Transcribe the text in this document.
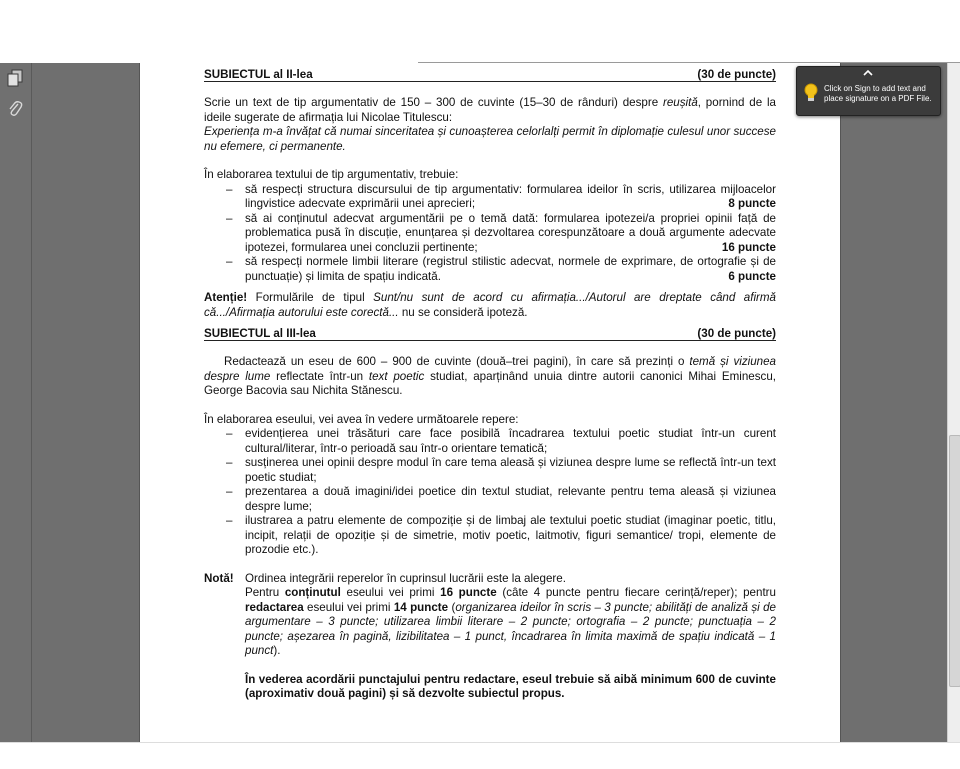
SUBIECTUL al II-lea	(30 de puncte)

Scrie un text de tip argumentativ de 150 – 300 de cuvinte (15–30 de rânduri) despre reușită, pornind de la ideile sugerate de afirmația lui Nicolae Titulescu:

Experiența m-a învățat că numai sinceritatea și cunoașterea celorlalți permit în diplomație culesul unor succese nu efemere, ci permanente.

În elaborarea textului de tip argumentativ, trebuie:

– să respecți structura discursului de tip argumentativ: formularea ideilor în scris, utilizarea mijloacelor lingvistice adecvate exprimării unei aprecieri;	8 puncte
– să ai conținutul adecvat argumentării pe o temă dată: formularea ipotezei/a propriei opinii față de problematica pusă în discuție, enunțarea și dezvoltarea corespunzătoare a două argumente adecvate ipotezei, formularea unei concluzii pertinente;	16 puncte
– să respecți normele limbii literare (registrul stilistic adecvat, normele de exprimare, de ortografie și de punctuație) și limita de spațiu indicată.	6 puncte

Atenție! Formulările de tipul Sunt/nu sunt de acord cu afirmația.../Autorul are dreptate când afirmă că.../Afirmația autorului este corectă... nu se consideră ipoteză.

SUBIECTUL al III-lea	(30 de puncte)

Redactează un eseu de 600 – 900 de cuvinte (două–trei pagini), în care să prezinți o temă și viziunea despre lume reflectate într-un text poetic studiat, aparținând unuia dintre autorii canonici Mihai Eminescu, George Bacovia sau Nichita Stănescu.

În elaborarea eseului, vei avea în vedere următoarele repere:

– evidențierea unei trăsături care face posibilă încadrarea textului poetic studiat într-un curent cultural/literar, într-o perioadă sau într-o orientare tematică;
– susținerea unei opinii despre modul în care tema aleasă și viziunea despre lume se reflectă într-un text poetic studiat;
– prezentarea a două imagini/idei poetice din textul studiat, relevante pentru tema aleasă și viziunea despre lume;
– ilustrarea a patru elemente de compoziție și de limbaj ale textului poetic studiat (imaginar poetic, titlu, incipit, relații de opoziție și de simetrie, motiv poetic, laitmotiv, figuri semantice/ tropi, elemente de prozodie etc.).
Notă! Ordinea integrării reperelor în cuprinsul lucrării este la alegere.

Pentru conținutul eseului vei primi 16 puncte (câte 4 puncte pentru fiecare cerință/reper); pentru redactarea eseului vei primi 14 puncte (organizarea ideilor în scris – 3 puncte; abilități de analiză și de argumentare – 3 puncte; utilizarea limbii literare – 2 puncte; ortografia – 2 puncte; punctuația – 2 puncte; așezarea în pagină, lizibilitatea – 1 punct, încadrarea în limita maximă de spațiu indicată – 1 punct).

În vederea acordării punctajului pentru redactare, eseul trebuie să aibă minimum 600 de cuvinte (aproximativ două pagini) și să dezvolte subiectul propus.

Click on Sign to add text and place signature on a PDF File.
